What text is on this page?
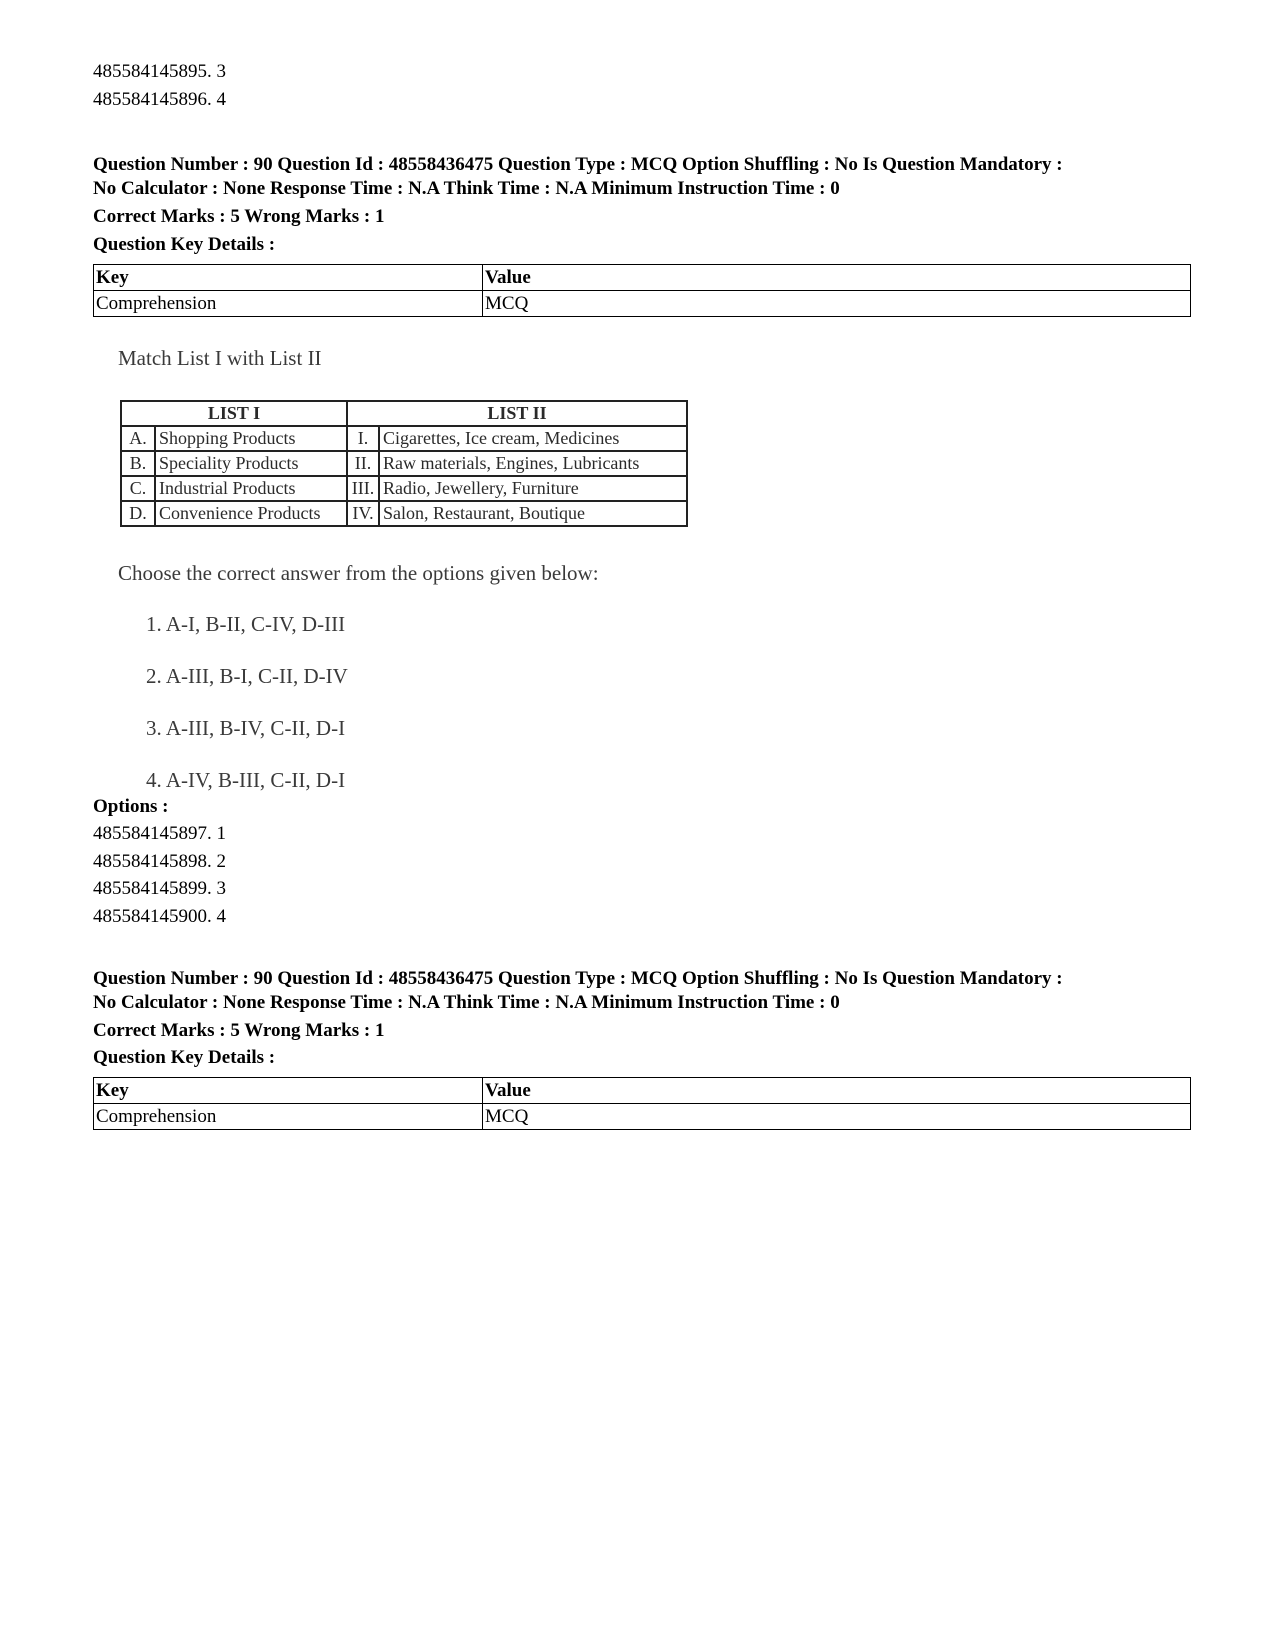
485584145895. 3
485584145896. 4
Question Number : 90 Question Id : 48558436475 Question Type : MCQ Option Shuffling : No Is Question Mandatory :
No Calculator : None Response Time : N.A Think Time : N.A Minimum Instruction Time : 0
Correct Marks : 5 Wrong Marks : 1
Question Key Details :
Key	Value
Comprehension	MCQ
Match List I with List II
LIST I		LIST II	
A.	Shopping Products	I.	Cigarettes, Ice cream, Medicines
B.	Speciality Products	II.	Raw materials, Engines, Lubricants
C.	Industrial Products	III.	Radio, Jewellery, Furniture
D.	Convenience Products	IV.	Salon, Restaurant, Boutique
Choose the correct answer from the options given below:
1. A-I, B-II, C-IV, D-III
2. A-III, B-I, C-II, D-IV
3. A-III, B-IV, C-II, D-I
4. A-IV, B-III, C-II, D-I
Options :
485584145897. 1
485584145898. 2
485584145899. 3
485584145900. 4
Question Number : 90 Question Id : 48558436475 Question Type : MCQ Option Shuffling : No Is Question Mandatory :
No Calculator : None Response Time : N.A Think Time : N.A Minimum Instruction Time : 0
Correct Marks : 5 Wrong Marks : 1
Question Key Details :
Key	Value
Comprehension	MCQ
